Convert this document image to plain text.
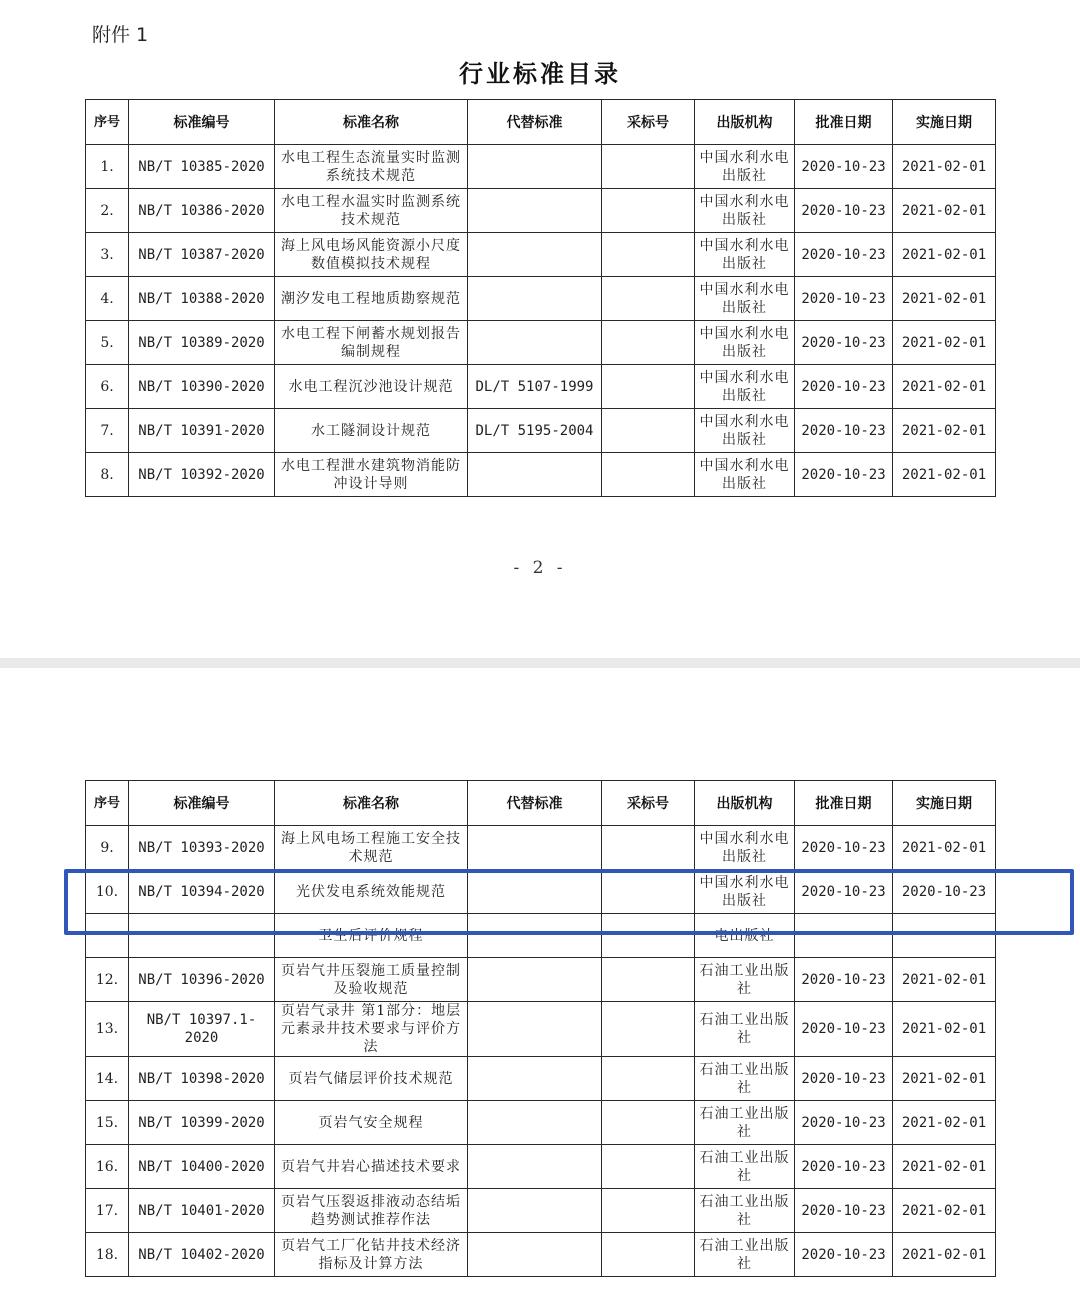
附件 1
行业标准目录
序号	标准编号	标准名称	代替标准	采标号	出版机构	批准日期	实施日期
1.	NB/T 10385-2020	水电工程生态流量实时监测系统技术规范			中国水利水电出版社	2020-10-23	2021-02-01
2.	NB/T 10386-2020	水电工程水温实时监测系统技术规范			中国水利水电出版社	2020-10-23	2021-02-01
3.	NB/T 10387-2020	海上风电场风能资源小尺度数值模拟技术规程			中国水利水电出版社	2020-10-23	2021-02-01
4.	NB/T 10388-2020	潮汐发电工程地质勘察规范			中国水利水电出版社	2020-10-23	2021-02-01
5.	NB/T 10389-2020	水电工程下闸蓄水规划报告编制规程			中国水利水电出版社	2020-10-23	2021-02-01
6.	NB/T 10390-2020	水电工程沉沙池设计规范	DL/T 5107-1999		中国水利水电出版社	2020-10-23	2021-02-01
7.	NB/T 10391-2020	水工隧洞设计规范	DL/T 5195-2004		中国水利水电出版社	2020-10-23	2021-02-01
8.	NB/T 10392-2020	水电工程泄水建筑物消能防冲设计导则			中国水利水电出版社	2020-10-23	2021-02-01
- 2 -
序号	标准编号	标准名称	代替标准	采标号	出版机构	批准日期	实施日期
9.	NB/T 10393-2020	海上风电场工程施工安全技术规范			中国水利水电出版社	2020-10-23	2021-02-01
10.	NB/T 10394-2020	光伏发电系统效能规范			中国水利水电出版社	2020-10-23	2020-10-23
		卫生后评价规程			电出版社		
12.	NB/T 10396-2020	页岩气井压裂施工质量控制及验收规范			石油工业出版社	2020-10-23	2021-02-01
13.	NB/T 10397.1-2020	页岩气录井 第1部分：地层元素录井技术要求与评价方法			石油工业出版社	2020-10-23	2021-02-01
14.	NB/T 10398-2020	页岩气储层评价技术规范			石油工业出版社	2020-10-23	2021-02-01
15.	NB/T 10399-2020	页岩气安全规程			石油工业出版社	2020-10-23	2021-02-01
16.	NB/T 10400-2020	页岩气井岩心描述技术要求			石油工业出版社	2020-10-23	2021-02-01
17.	NB/T 10401-2020	页岩气压裂返排液动态结垢趋势测试推荐作法			石油工业出版社	2020-10-23	2021-02-01
18.	NB/T 10402-2020	页岩气工厂化钻井技术经济指标及计算方法			石油工业出版社	2020-10-23	2021-02-01
